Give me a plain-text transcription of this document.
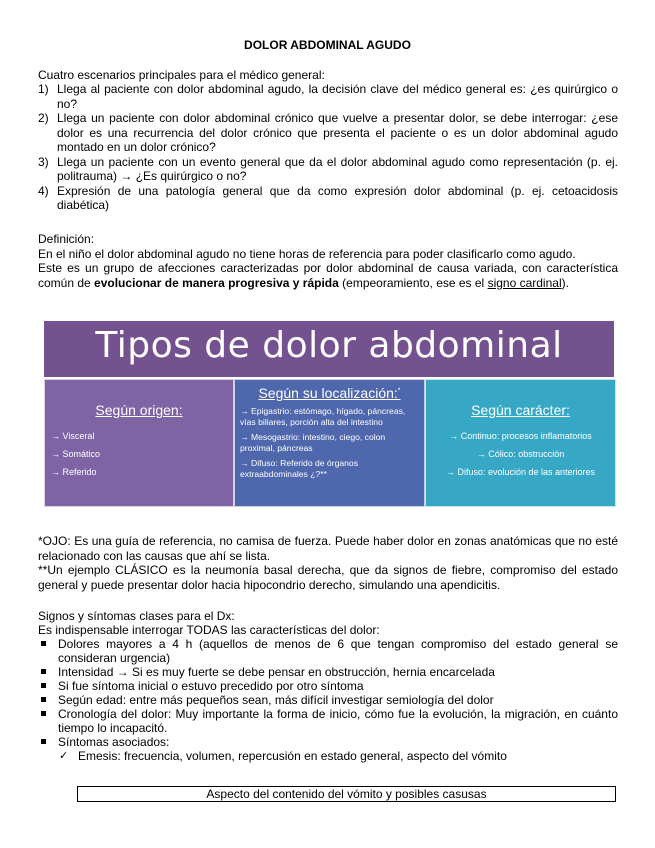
DOLOR ABDOMINAL AGUDO
Cuatro escenarios principales para el médico general:
1) Llega al paciente con dolor abdominal agudo, la decisión clave del médico general es: ¿es quirúrgico o no?
2) Llega un paciente con dolor abdominal crónico que vuelve a presentar dolor, se debe interrogar: ¿ese dolor es una recurrencia del dolor crónico que presenta el paciente o es un dolor abdominal agudo montado en un dolor crónico?
3) Llega un paciente con un evento general que da el dolor abdominal agudo como representación (p. ej. politrauma) → ¿Es quirúrgico o no?
4) Expresión de una patología general que da como expresión dolor abdominal (p. ej. cetoacidosis diabética)

Definición:

En el niño el dolor abdominal agudo no tiene horas de referencia para poder clasificarlo como agudo.

Este es un grupo de afecciones caracterizadas por dolor abdominal de causa variada, con característica común de evolucionar de manera progresiva y rápida (empeoramiento, ese es el signo cardinal).

Tipos de dolor abdominal
Según origen:
→ Visceral
→ Somático
→ Referido
Según su localización:*
→ Epigastrio: estómago, hígado, páncreas, vías biliares, porción alta del intestino
→ Mesogastrio: intestino, ciego, colon proximal, páncreas
→ Difuso: Referido de órganos extraabdominales ¿?**
Según carácter:
→ Continuo: procesos inflamatorios
→ Cólico: obstrucción
→ Difuso: evolución de las anteriores

*OJO: Es una guía de referencia, no camisa de fuerza. Puede haber dolor en zonas anatómicas que no esté relacionado con las causas que ahí se lista.

**Un ejemplo CLÁSICO es la neumonía basal derecha, que da signos de fiebre, compromiso del estado general y puede presentar dolor hacia hipocondrio derecho, simulando una apendicitis.

Signos y síntomas clases para el Dx:

Es indispensable interrogar TODAS las características del dolor:

Dolores mayores a 4 h (aquellos de menos de 6 que tengan compromiso del estado general se consideran urgencia)
Intensidad → Si es muy fuerte se debe pensar en obstrucción, hernia encarcelada
Si fue síntoma inicial o estuvo precedido por otro síntoma
Según edad: entre más pequeños sean, más difícil investigar semiología del dolor
Cronología del dolor: Muy importante la forma de inicio, cómo fue la evolución, la migración, en cuánto tiempo lo incapacitó.
Síntomas asociados:
✓ Emesis: frecuencia, volumen, repercusión en estado general, aspecto del vómito
Aspecto del contenido del vómito y posibles casusas
